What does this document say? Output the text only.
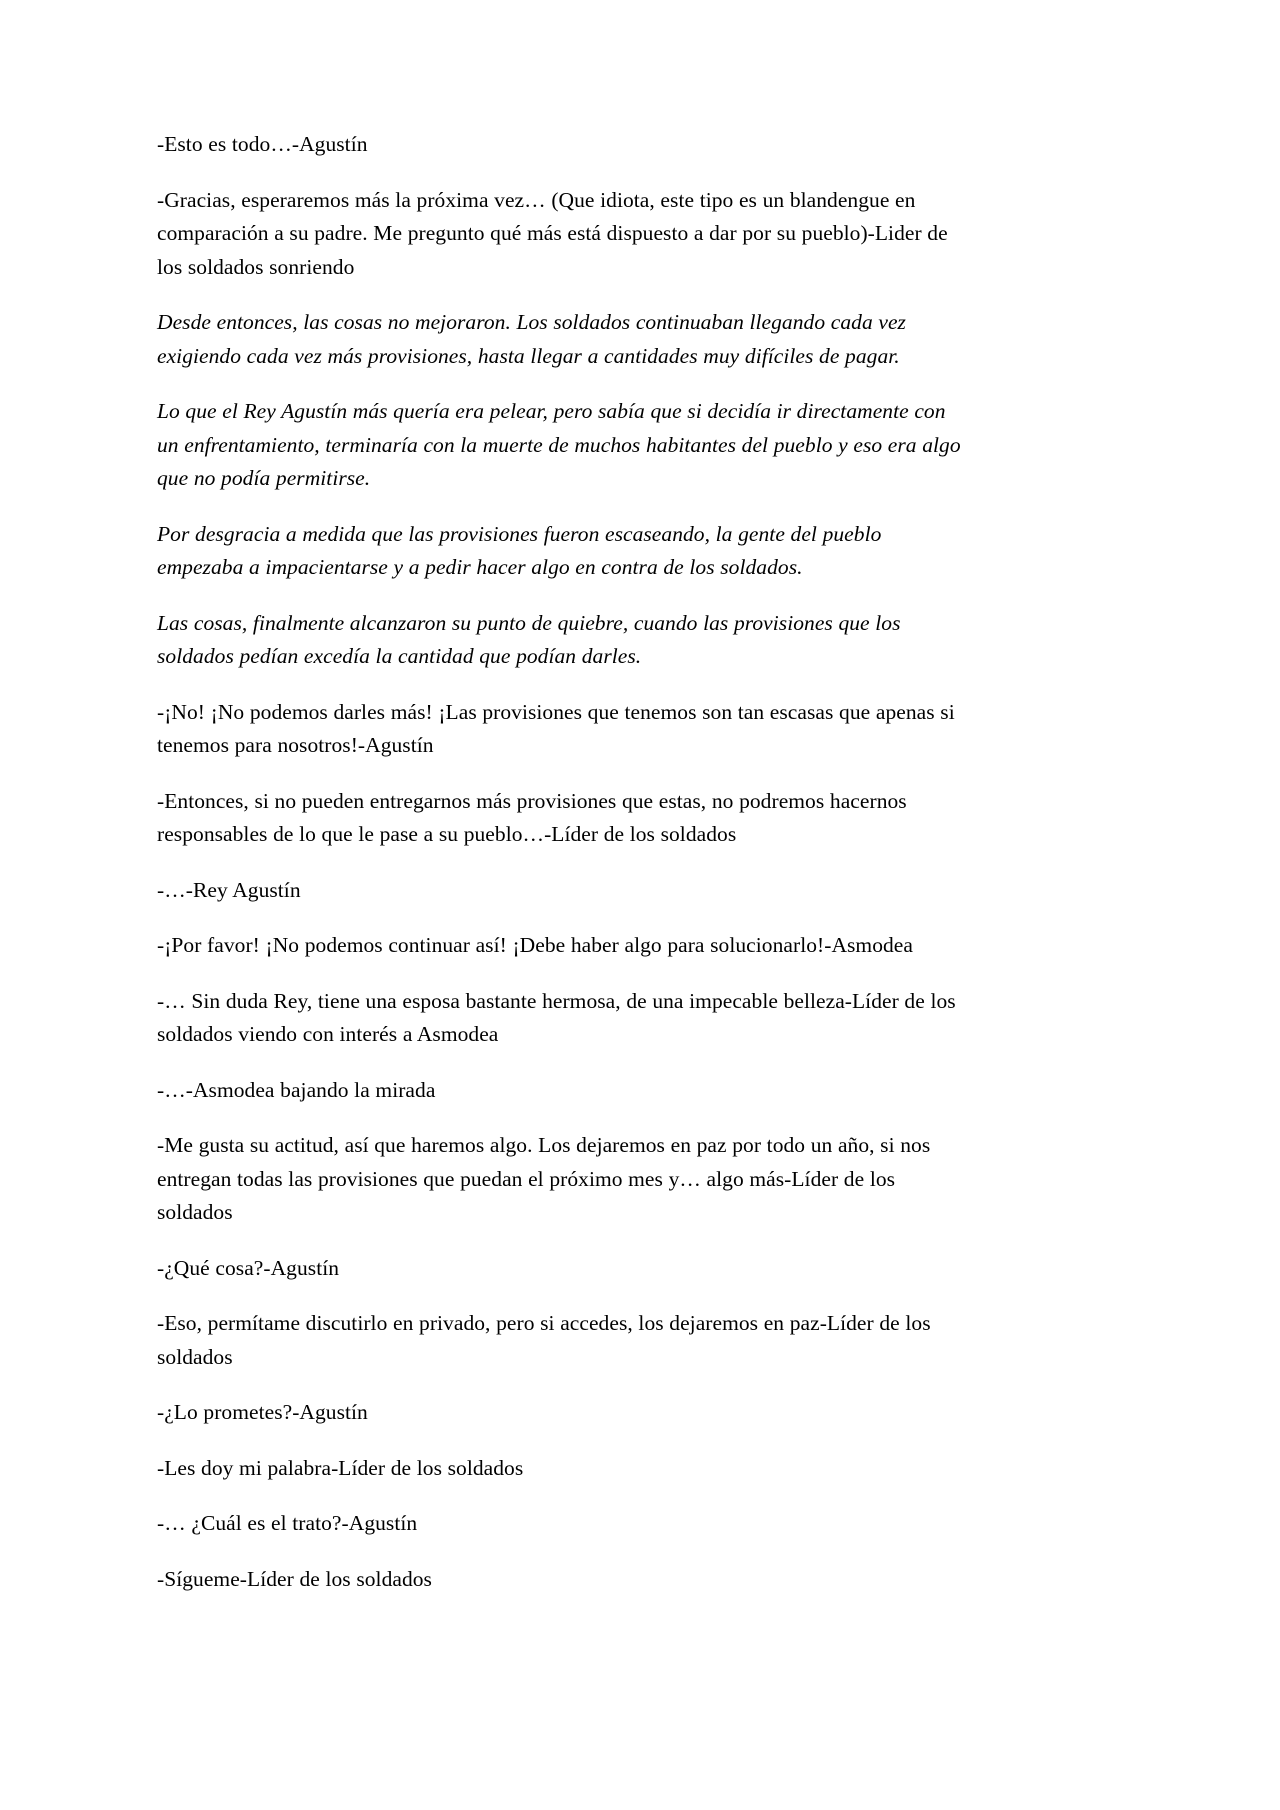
-Esto es todo…-Agustín

-Gracias, esperaremos más la próxima vez… (Que idiota, este tipo es un blandengue en comparación a su padre. Me pregunto qué más está dispuesto a dar por su pueblo)-Lider de los soldados sonriendo

Desde entonces, las cosas no mejoraron. Los soldados continuaban llegando cada vez exigiendo cada vez más provisiones, hasta llegar a cantidades muy difíciles de pagar.

Lo que el Rey Agustín más quería era pelear, pero sabía que si decidía ir directamente con un enfrentamiento, terminaría con la muerte de muchos habitantes del pueblo y eso era algo que no podía permitirse.

Por desgracia a medida que las provisiones fueron escaseando, la gente del pueblo empezaba a impacientarse y a pedir hacer algo en contra de los soldados.

Las cosas, finalmente alcanzaron su punto de quiebre, cuando las provisiones que los soldados pedían excedía la cantidad que podían darles.

-¡No! ¡No podemos darles más! ¡Las provisiones que tenemos son tan escasas que apenas si tenemos para nosotros!-Agustín

-Entonces, si no pueden entregarnos más provisiones que estas, no podremos hacernos responsables de lo que le pase a su pueblo…-Líder de los soldados

-…-Rey Agustín

-¡Por favor! ¡No podemos continuar así! ¡Debe haber algo para solucionarlo!-Asmodea

-… Sin duda Rey, tiene una esposa bastante hermosa, de una impecable belleza-Líder de los soldados viendo con interés a Asmodea

-…-Asmodea bajando la mirada

-Me gusta su actitud, así que haremos algo. Los dejaremos en paz por todo un año, si nos entregan todas las provisiones que puedan el próximo mes y… algo más-Líder de los soldados

-¿Qué cosa?-Agustín

-Eso, permítame discutirlo en privado, pero si accedes, los dejaremos en paz-Líder de los soldados

-¿Lo prometes?-Agustín

-Les doy mi palabra-Líder de los soldados

-… ¿Cuál es el trato?-Agustín

-Sígueme-Líder de los soldados
